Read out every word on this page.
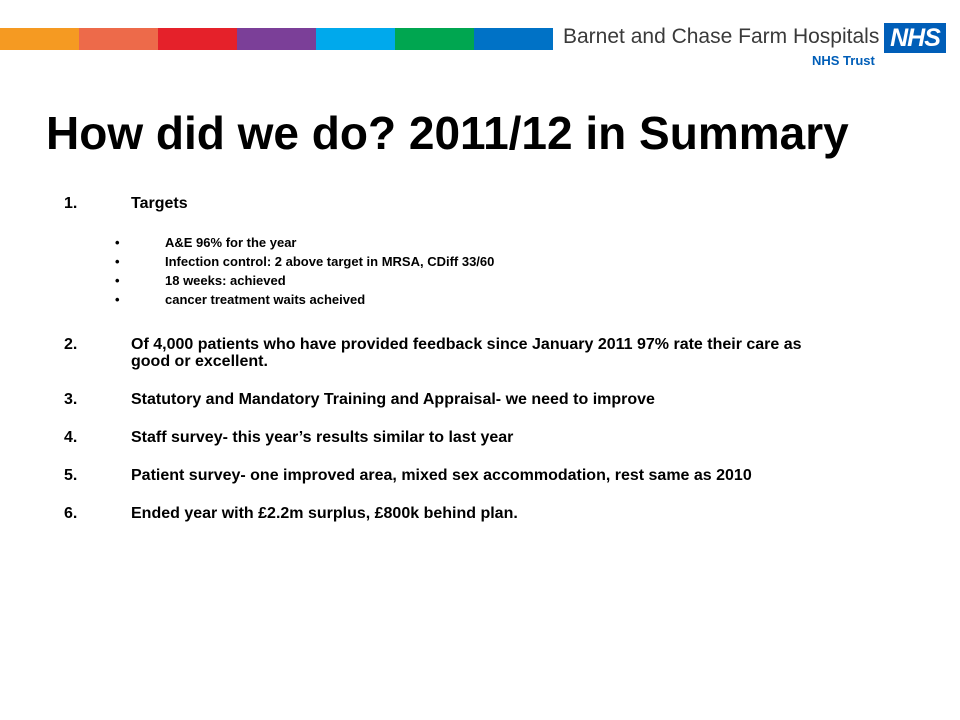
Barnet and Chase Farm Hospitals
NHS Trust
NHS
How did we do? 2011/12 in Summary
1.	Targets
•	A&E 96% for the year
•	Infection control: 2 above target in MRSA, CDiff 33/60
•	18 weeks: achieved
•	cancer treatment waits acheived
2.	Of 4,000 patients who have provided feedback since January 2011 97% rate their care as good or excellent.
3.	Statutory and Mandatory Training and Appraisal- we need to improve
4.	Staff survey- this year’s results similar to last year
5.	Patient survey- one improved area, mixed sex accommodation, rest same as 2010
6.	Ended year with £2.2m surplus, £800k behind plan.
